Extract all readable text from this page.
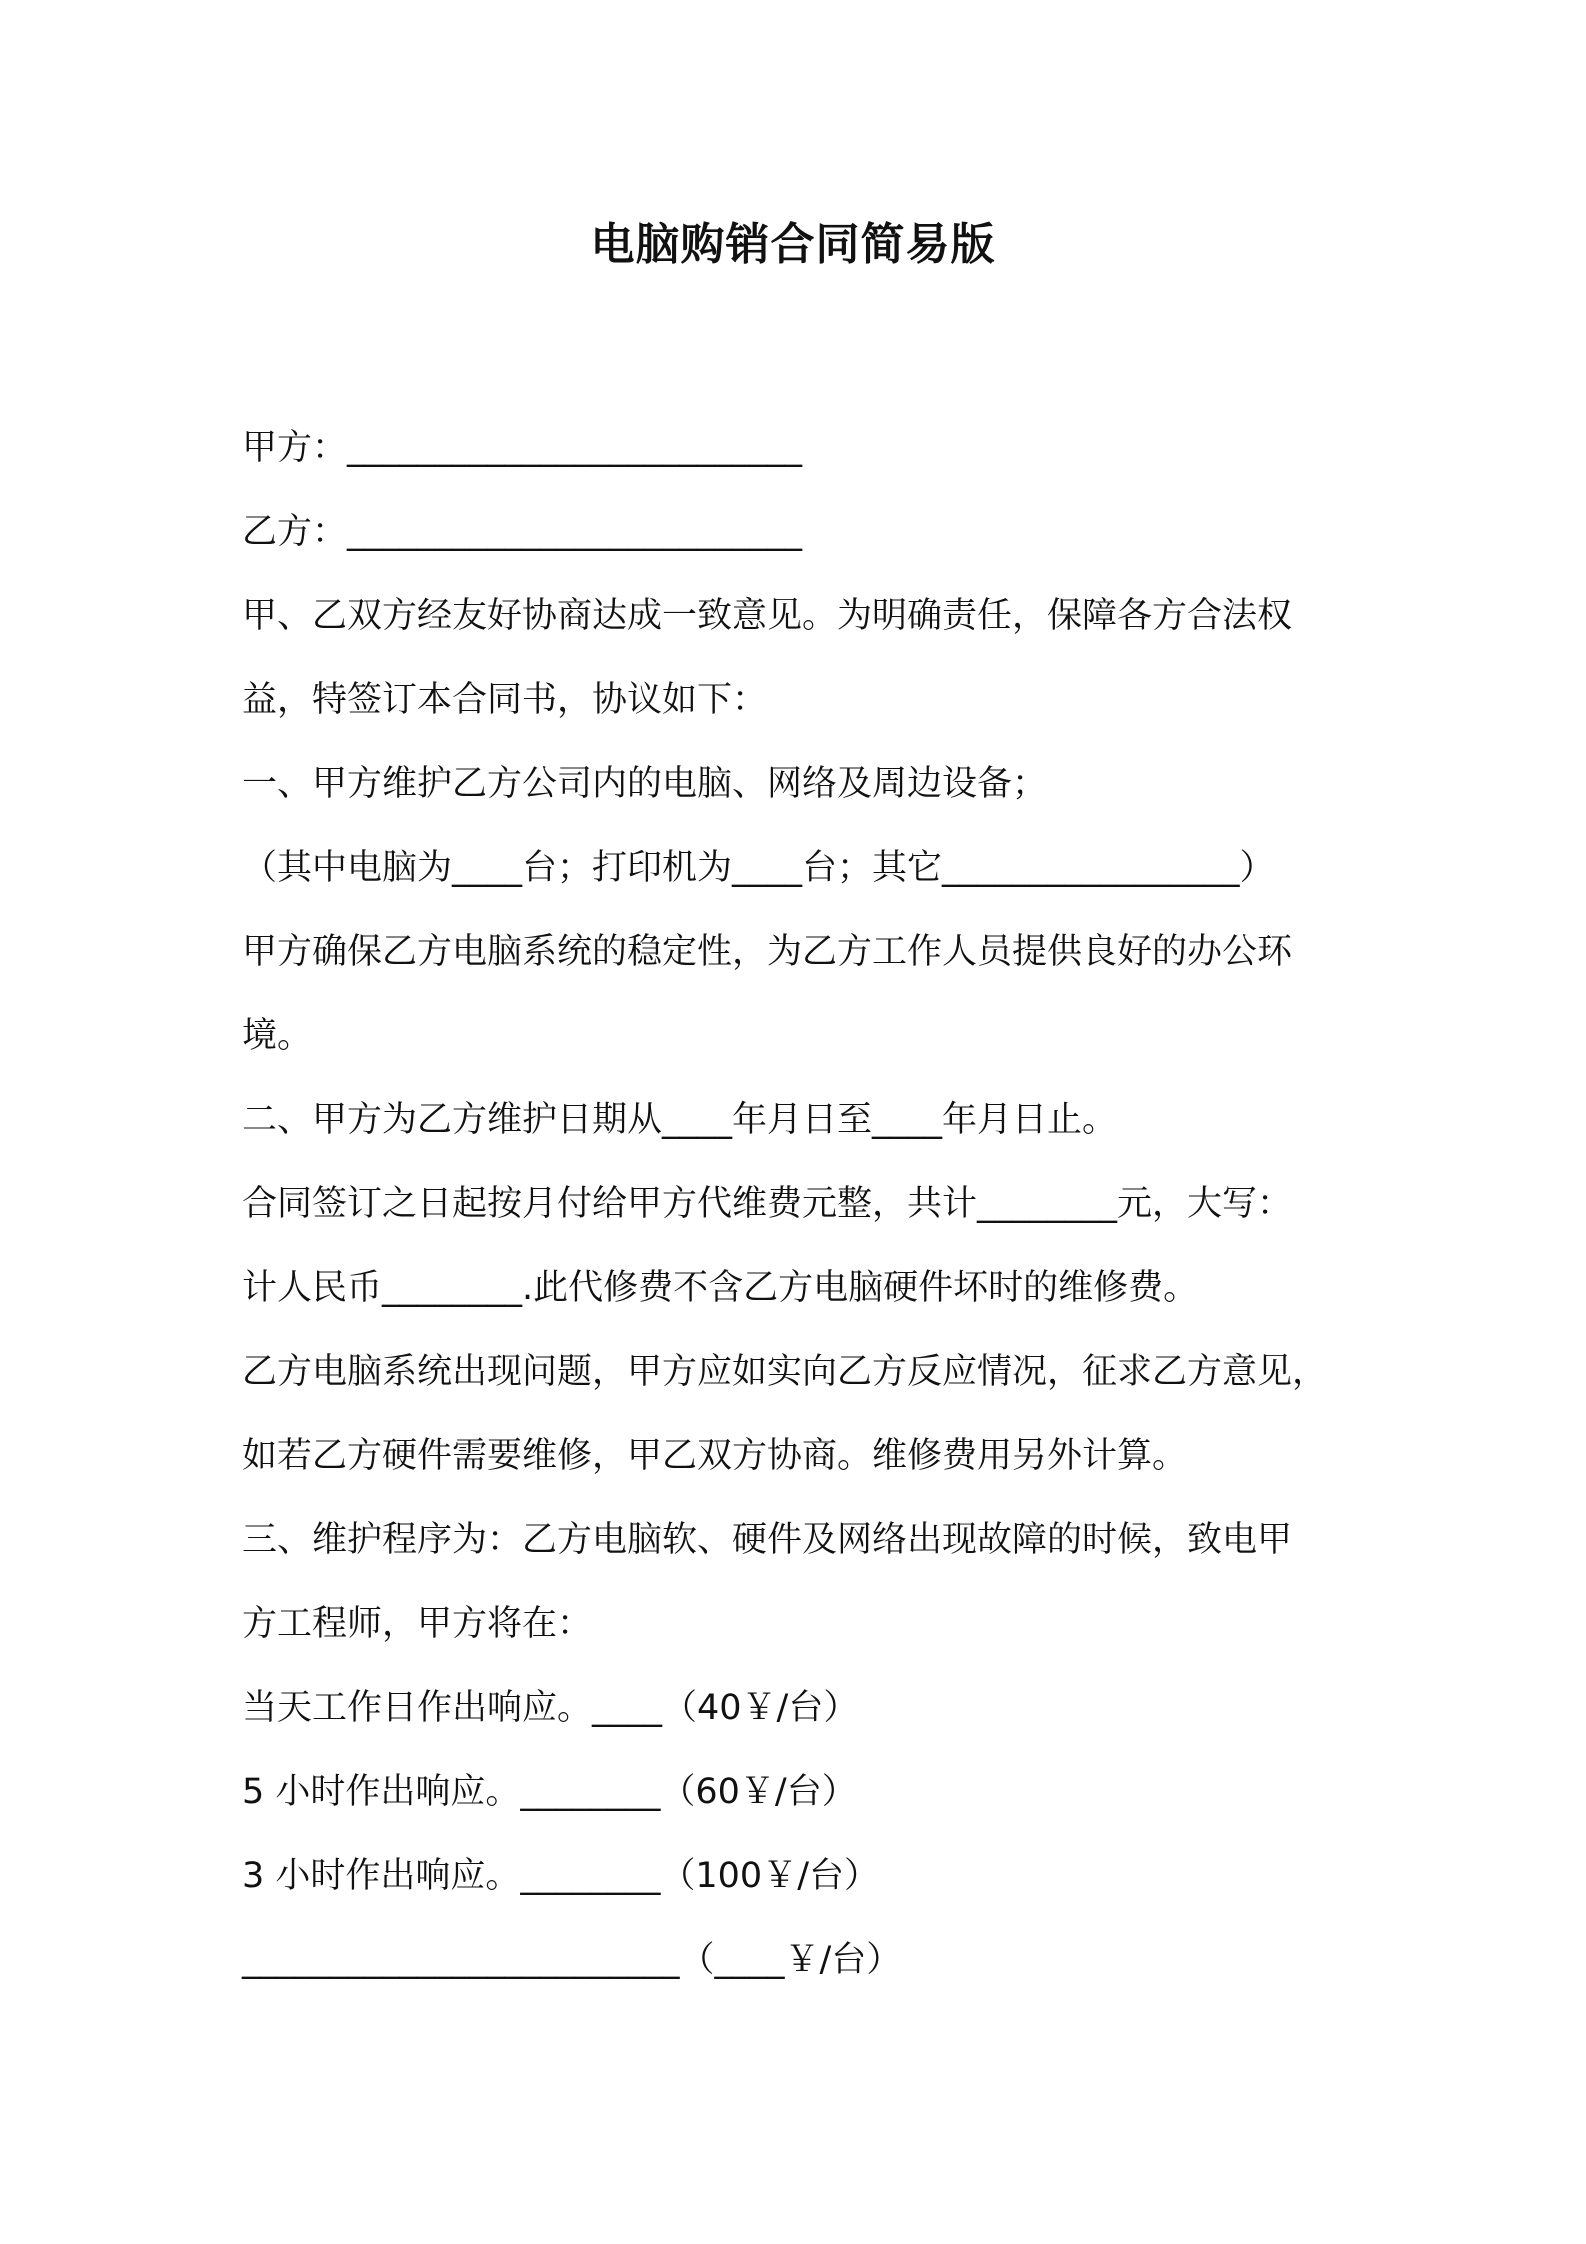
电脑购销合同简易版
甲方：__________________________
乙方：__________________________
甲、乙双方经友好协商达成一致意见。为明确责任，保障各方合法权
益，特签订本合同书，协议如下：
一、甲方维护乙方公司内的电脑、网络及周边设备；
（其中电脑为____台；打印机为____台；其它_________________）
甲方确保乙方电脑系统的稳定性，为乙方工作人员提供良好的办公环
境。
二、甲方为乙方维护日期从____年月日至____年月日止。
合同签订之日起按月付给甲方代维费元整，共计________元，大写：
计人民币________.此代修费不含乙方电脑硬件坏时的维修费。
乙方电脑系统出现问题，甲方应如实向乙方反应情况，征求乙方意见，
如若乙方硬件需要维修，甲乙双方协商。维修费用另外计算。
三、维护程序为：乙方电脑软、硬件及网络出现故障的时候，致电甲
方工程师，甲方将在：
当天工作日作出响应。____（40￥/台）
5 小时作出响应。________（60￥/台）
3 小时作出响应。________（100￥/台）
_________________________（____￥/台）
